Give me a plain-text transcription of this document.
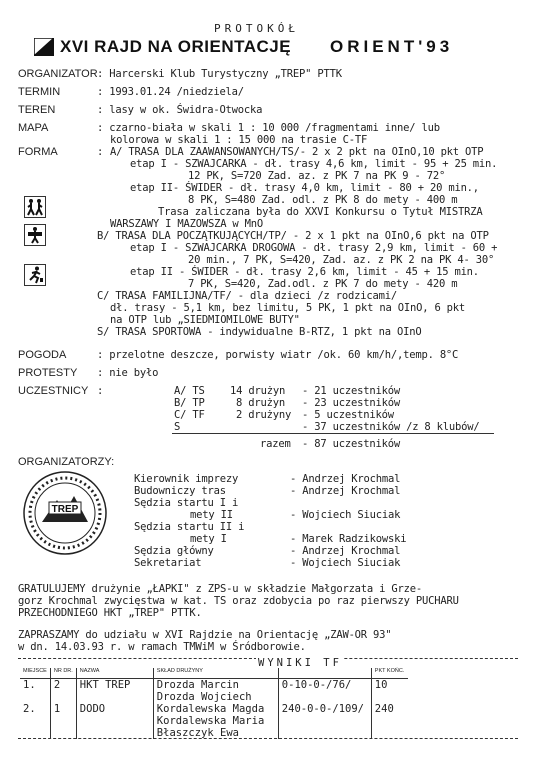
PROTOKÓŁ
XVI RAJD NA ORIENTACJĘ ORIENT'93
ORGANIZATOR : Harcerski Klub Turystyczny „TREP" PTTK
TERMIN	: 1993.01.24 /niedziela/
TEREN	: lasy w ok. Świdra-Otwocka
MAPA	: czarno-biała w skali 1 : 10 000 /fragmentami inne/ lub
kolorowa w skali 1 : 15 000 na trasie C-TF
FORMA	: A/ TRASA DLA ZAAWANSOWANYCH/TS/- 2 x 2 pkt na OInO,10 pkt OTP
etap I - SZWAJCARKA - dł. trasy 4,6 km, limit - 95 + 25 min.
12 PK, S=720 Zad. az. z PK 7 na PK 9 - 72°
etap II- ŚWIDER - dł. trasy 4,0 km, limit - 80 + 20 min.,
8 PK, S=480 Zad. odl. z PK 8 do mety - 400 m
Trasa zaliczana była do XXVI Konkursu o Tytuł MISTRZA
WARSZAWY I MAZOWSZA w MnO
B/ TRASA DLA POCZĄTKUJĄCYCH/TP/ - 2 x 1 pkt na OInO,6 pkt na OTP
etap I - SZWAJCARKA DROGOWA - dł. trasy 2,9 km, limit - 60 +
20 min., 7 PK, S=420, Zad. az. z PK 2 na PK 4- 30°
etap II - ŚWIDER - dł. trasy 2,6 km, limit - 45 + 15 min.
7 PK, S=420, Zad.odl. z PK 7 do mety - 420 m
C/ TRASA FAMILIJNA/TF/ - dla dzieci /z rodzicami/
dł. trasy - 5,1 km, bez limitu, 5 PK, 1 pkt na OInO, 6 pkt
na OTP lub „SIEDMIOMILOWE BUTY"
S/ TRASA SPORTOWA - indywidualne B-RTZ, 1 pkt na OInO
POGODA	: przelotne deszcze, porwisty wiatr /ok. 60 km/h/,temp. 8°C
PROTESTY : nie było
UCZESTNICY :	A/ TS 14 drużyn - 21 uczestników
B/ TP	8 drużyn - 23 uczestników
C/ TF	2 drużyny - 5 uczestników
S	- 37 uczestników /z 8 klubów/
razem - 87 uczestników
ORGANIZATORZY:
TREP
Kierownik imprezy	- Andrzej Krochmal
Budowniczy tras	- Andrzej Krochmal
Sędzia startu I i
mety II	- Wojciech Siuciak
Sędzia startu II i
mety I	- Marek Radzikowski
Sędzia główny	- Andrzej Krochmal
Sekretariat	- Wojciech Siuciak
GRATULUJEMY drużynie „ŁAPKI" z ZPS-u w składzie Małgorzata i Grze-
gorz Krochmal zwycięstwa w kat. TS oraz zdobycia po raz pierwszy PUCHARU
PRZECHODNIEGO HKT „TREP" PTTK.
ZAPRASZAMY do udziału w XVI Rajdzie na Orientację „ZAW-OR 93"
w dn. 14.03.93 r. w ramach TMWiM w Śródborowie.
WYNIKI TF
MIEJSCE	NR DR.	NAZWA	SKŁAD DRUŻYNY		PKT KOŃC.
1.	2	HKT TREP	Drozda Marcin
Drozda Wojciech	0-10-0-/76/	10
2.	1	DODO	Kordalewska Magda
Kordalewska Maria
Błaszczyk Ewa	240-0-0-/109/	240
